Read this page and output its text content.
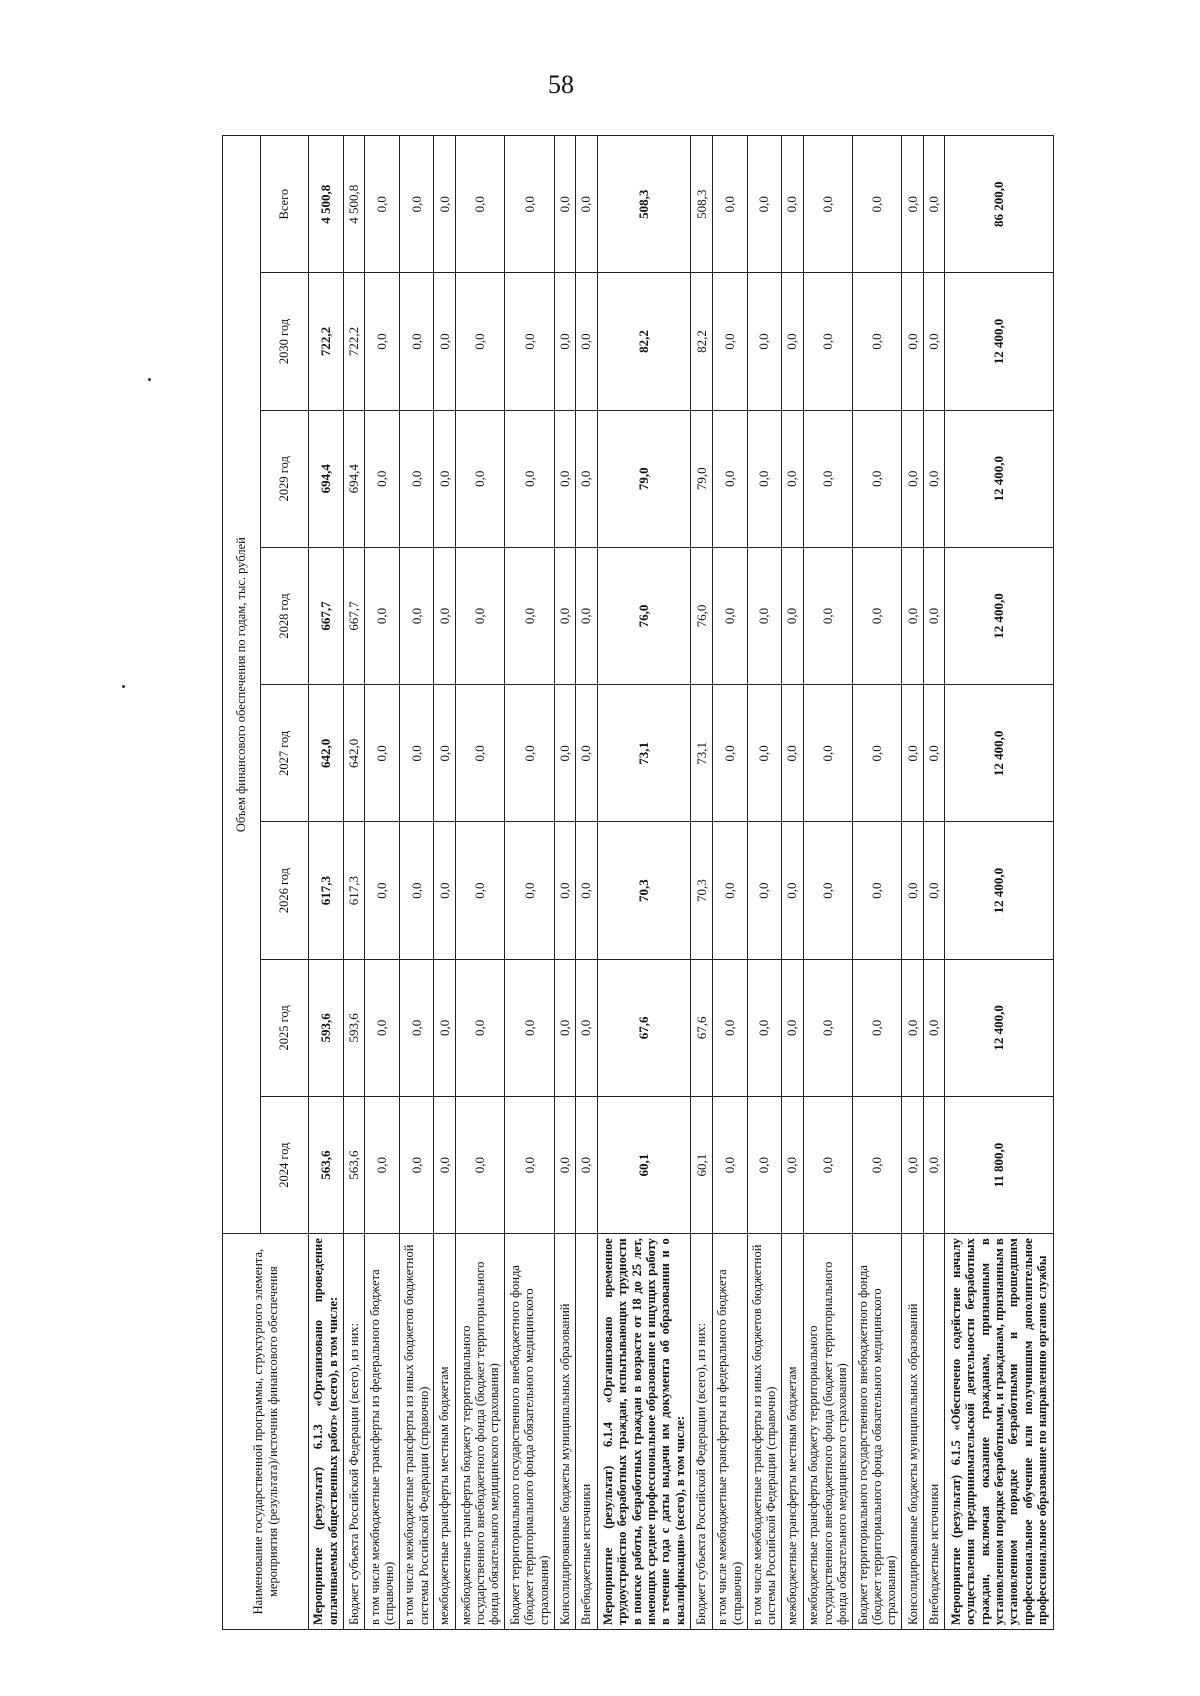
58
Наименование государственной программы, структурного элемента, мероприятия (результата)/источник финансового обеспечения	Объем финансового обеспечения по годам, тыс. рублей							
	2024 год	2025 год	2026 год	2027 год	2028 год	2029 год	2030 год	Всего
Мероприятие (результат) 6.1.3 «Организовано проведение оплачиваемых общественных работ» (всего), в том числе:	563,6	593,6	617,3	642,0	667,7	694,4	722,2	4 500,8
Бюджет субъекта Российской Федерации (всего), из них:	563,6	593,6	617,3	642,0	667,7	694,4	722,2	4 500,8
в том числе межбюджетные трансферты из федерального бюджета (справочно)	0,0	0,0	0,0	0,0	0,0	0,0	0,0	0,0
в том числе межбюджетные трансферты из иных бюджетов бюджетной системы Российской Федерации (справочно)	0,0	0,0	0,0	0,0	0,0	0,0	0,0	0,0
межбюджетные трансферты местным бюджетам	0,0	0,0	0,0	0,0	0,0	0,0	0,0	0,0
межбюджетные трансферты бюджету территориального государственного внебюджетного фонда (бюджет территориального фонда обязательного медицинского страхования)	0,0	0,0	0,0	0,0	0,0	0,0	0,0	0,0
Бюджет территориального государственного внебюджетного фонда (бюджет территориального фонда обязательного медицинского страхования)	0,0	0,0	0,0	0,0	0,0	0,0	0,0	0,0
Консолидированные бюджеты муниципальных образований	0,0	0,0	0,0	0,0	0,0	0,0	0,0	0,0
Внебюджетные источники	0,0	0,0	0,0	0,0	0,0	0,0	0,0	0,0
Мероприятие (результат) 6.1.4 «Организовано временное трудоустройство безработных граждан, испытывающих трудности в поиске работы, безработных граждан в возрасте от 18 до 25 лет, имеющих среднее профессиональное образование и ищущих работу в течение года с даты выдачи им документа об образовании и о квалификации» (всего), в том числе:	60,1	67,6	70,3	73,1	76,0	79,0	82,2	508,3
Бюджет субъекта Российской Федерации (всего), из них:	60,1	67,6	70,3	73,1	76,0	79,0	82,2	508,3
в том числе межбюджетные трансферты из федерального бюджета (справочно)	0,0	0,0	0,0	0,0	0,0	0,0	0,0	0,0
в том числе межбюджетные трансферты из иных бюджетов бюджетной системы Российской Федерации (справочно)	0,0	0,0	0,0	0,0	0,0	0,0	0,0	0,0
межбюджетные трансферты местным бюджетам	0,0	0,0	0,0	0,0	0,0	0,0	0,0	0,0
межбюджетные трансферты бюджету территориального государственного внебюджетного фонда (бюджет территориального фонда обязательного медицинского страхования)	0,0	0,0	0,0	0,0	0,0	0,0	0,0	0,0
Бюджет территориального государственного внебюджетного фонда (бюджет территориального фонда обязательного медицинского страхования)	0,0	0,0	0,0	0,0	0,0	0,0	0,0	0,0
Консолидированные бюджеты муниципальных образований	0,0	0,0	0,0	0,0	0,0	0,0	0,0	0,0
Внебюджетные источники	0,0	0,0	0,0	0,0	0,0	0,0	0,0	0,0
Мероприятие (результат) 6.1.5 «Обеспечено содействие началу осуществления предпринимательской деятельности безработных граждан, включая оказание гражданам, признанным в установленном порядке безработными, и гражданам, признанным в установленном порядке безработными и прошедшим профессиональное обучение или получившим дополнительное профессиональное образование по направлению органов службы	11 800,0	12 400,0	12 400,0	12 400,0	12 400,0	12 400,0	12 400,0	86 200,0
